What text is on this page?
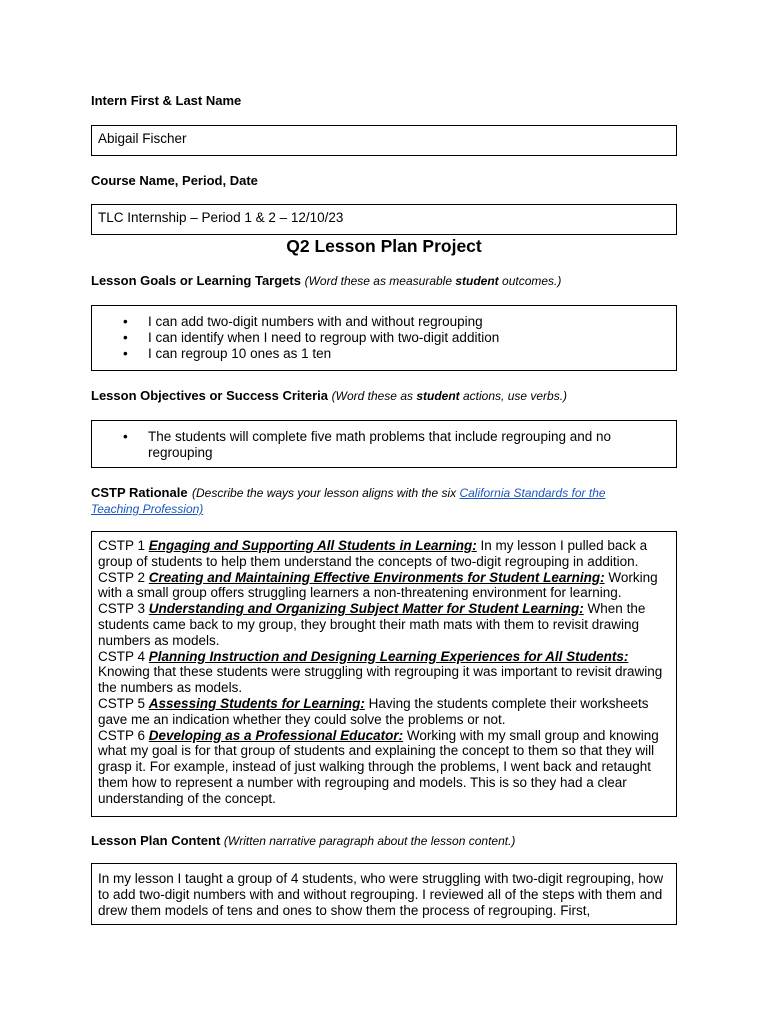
Intern First & Last Name
Abigail Fischer
Course Name, Period, Date
TLC Internship – Period 1 & 2 – 12/10/23
Q2 Lesson Plan Project
Lesson Goals or Learning Targets (Word these as measurable student outcomes.)
• I can add two-digit numbers with and without regrouping
• I can identify when I need to regroup with two-digit addition
• I can regroup 10 ones as 1 ten
Lesson Objectives or Success Criteria (Word these as student actions, use verbs.)
• The students will complete five math problems that include regrouping and no regrouping
CSTP Rationale (Describe the ways your lesson aligns with the six California Standards for the Teaching Profession)
CSTP 1 Engaging and Supporting All Students in Learning: In my lesson I pulled back a group of students to help them understand the concepts of two-digit regrouping in addition.
CSTP 2 Creating and Maintaining Effective Environments for Student Learning: Working with a small group offers struggling learners a non-threatening environment for learning.
CSTP 3 Understanding and Organizing Subject Matter for Student Learning: When the students came back to my group, they brought their math mats with them to revisit drawing numbers as models.
CSTP 4 Planning Instruction and Designing Learning Experiences for All Students: Knowing that these students were struggling with regrouping it was important to revisit drawing the numbers as models.
CSTP 5 Assessing Students for Learning: Having the students complete their worksheets gave me an indication whether they could solve the problems or not.
CSTP 6 Developing as a Professional Educator: Working with my small group and knowing what my goal is for that group of students and explaining the concept to them so that they will grasp it. For example, instead of just walking through the problems, I went back and retaught them how to represent a number with regrouping and models. This is so they had a clear understanding of the concept.
Lesson Plan Content (Written narrative paragraph about the lesson content.)
In my lesson I taught a group of 4 students, who were struggling with two-digit regrouping, how to add two-digit numbers with and without regrouping. I reviewed all of the steps with them and drew them models of tens and ones to show them the process of regrouping. First,
